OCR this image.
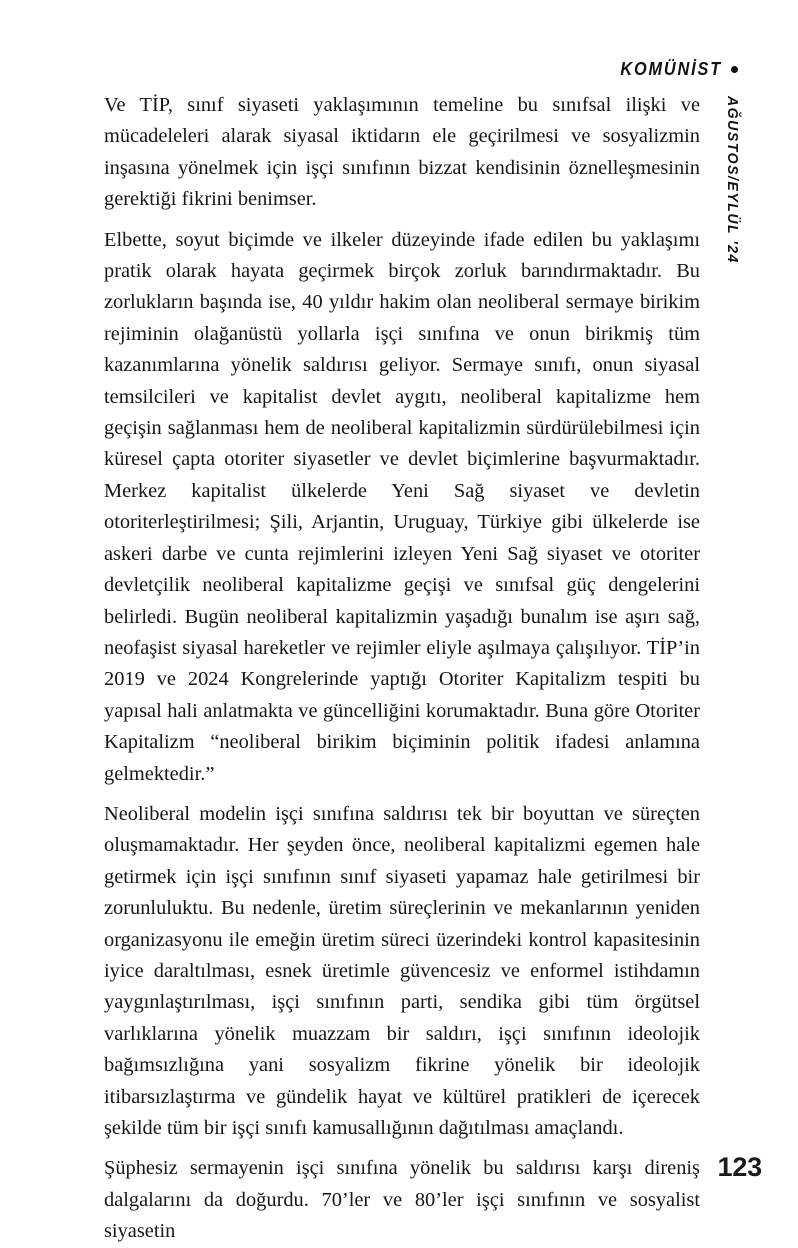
KOMÜNİST
AĞUSTOS/EYLÜL '24

Ve TİP, sınıf siyaseti yaklaşımının temeline bu sınıfsal ilişki ve mücadeleleri alarak siyasal iktidarın ele geçirilmesi ve sosyalizmin inşasına yönelmek için işçi sınıfının bizzat kendisinin öznelleşmesinin gerektiği fikrini benimser.

Elbette, soyut biçimde ve ilkeler düzeyinde ifade edilen bu yaklaşımı pratik olarak hayata geçirmek birçok zorluk barındırmaktadır. Bu zorlukların başında ise, 40 yıldır hakim olan neoliberal sermaye birikim rejiminin olağanüstü yollarla işçi sınıfına ve onun birikmiş tüm kazanımlarına yönelik saldırısı geliyor. Sermaye sınıfı, onun siyasal temsilcileri ve kapitalist devlet aygıtı, neoliberal kapitalizme hem geçişin sağlanması hem de neoliberal kapitalizmin sürdürülebilmesi için küresel çapta otoriter siyasetler ve devlet biçimlerine başvurmaktadır. Merkez kapitalist ülkelerde Yeni Sağ siyaset ve devletin otoriterleştirilmesi; Şili, Arjantin, Uruguay, Türkiye gibi ülkelerde ise askeri darbe ve cunta rejimlerini izleyen Yeni Sağ siyaset ve otoriter devletçilik neoliberal kapitalizme geçişi ve sınıfsal güç dengelerini belirledi. Bugün neoliberal kapitalizmin yaşadığı bunalım ise aşırı sağ, neofaşist siyasal hareketler ve rejimler eliyle aşılmaya çalışılıyor. TİP’in 2019 ve 2024 Kongrelerinde yaptığı Otoriter Kapitalizm tespiti bu yapısal hali anlatmakta ve güncelliğini korumaktadır. Buna göre Otoriter Kapitalizm “neoliberal birikim biçiminin politik ifadesi anlamına gelmektedir.”

Neoliberal modelin işçi sınıfına saldırısı tek bir boyuttan ve süreçten oluşmamaktadır. Her şeyden önce, neoliberal kapitalizmi egemen hale getirmek için işçi sınıfının sınıf siyaseti yapamaz hale getirilmesi bir zorunluluktu. Bu nedenle, üretim süreçlerinin ve mekanlarının yeniden organizasyonu ile emeğin üretim süreci üzerindeki kontrol kapasitesinin iyice daraltılması, esnek üretimle güvencesiz ve enformel istihdamın yaygınlaştırılması, işçi sınıfının parti, sendika gibi tüm örgütsel varlıklarına yönelik muazzam bir saldırı, işçi sınıfının ideolojik bağımsızlığına yani sosyalizm fikrine yönelik bir ideolojik itibarsızlaştırma ve gündelik hayat ve kültürel pratikleri de içerecek şekilde tüm bir işçi sınıfı kamusallığının dağıtılması amaçlandı.

Şüphesiz sermayenin işçi sınıfına yönelik bu saldırısı karşı direniş dalgalarını da doğurdu. 70’ler ve 80’ler işçi sınıfının ve sosyalist siyasetin

123
